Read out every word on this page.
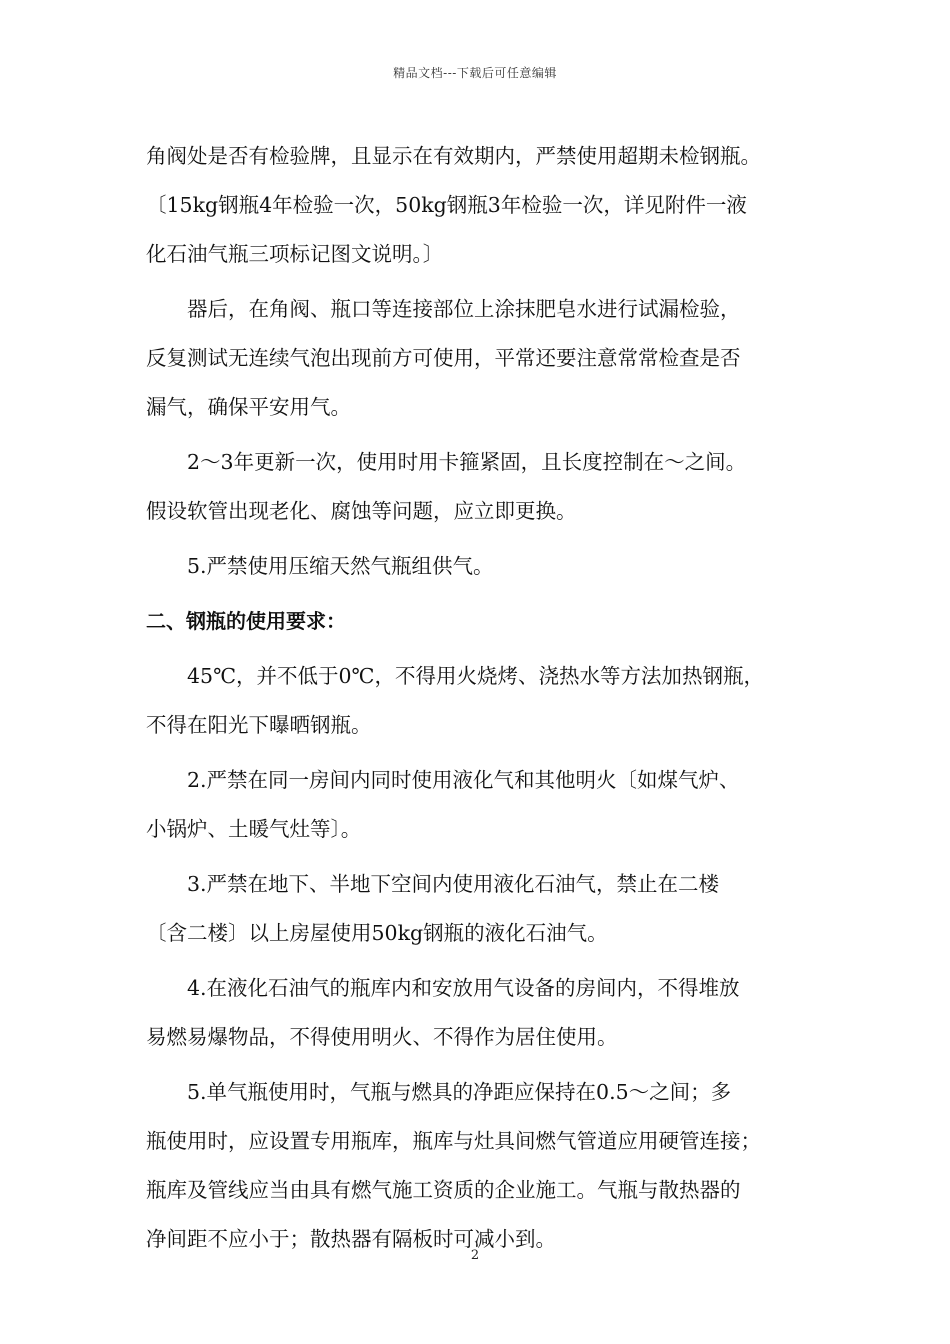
精品文档---下载后可任意编辑

角阀处是否有检验牌，且显示在有效期内，严禁使用超期未检钢瓶。

〔15kg钢瓶4年检验一次，50kg钢瓶3年检验一次，详见附件一液

化石油气瓶三项标记图文说明。〕

器后，在角阀、瓶口等连接部位上涂抹肥皂水进行试漏检验，

反复测试无连续气泡出现前方可使用，平常还要注意常常检查是否

漏气，确保平安用气。

2～3年更新一次，使用时用卡箍紧固，且长度控制在～之间。

假设软管出现老化、腐蚀等问题，应立即更换。

5.严禁使用压缩天然气瓶组供气。

二、钢瓶的使用要求：

45℃，并不低于0℃，不得用火烧烤、浇热水等方法加热钢瓶，

不得在阳光下曝晒钢瓶。

2.严禁在同一房间内同时使用液化气和其他明火〔如煤气炉、

小锅炉、土暖气灶等〕。

3.严禁在地下、半地下空间内使用液化石油气，禁止在二楼

〔含二楼〕以上房屋使用50kg钢瓶的液化石油气。

4.在液化石油气的瓶库内和安放用气设备的房间内，不得堆放

易燃易爆物品，不得使用明火、不得作为居住使用。

5.单气瓶使用时，气瓶与燃具的净距应保持在0.5～之间；多

瓶使用时，应设置专用瓶库，瓶库与灶具间燃气管道应用硬管连接；

瓶库及管线应当由具有燃气施工资质的企业施工。气瓶与散热器的

净间距不应小于；散热器有隔板时可减小到。

2
